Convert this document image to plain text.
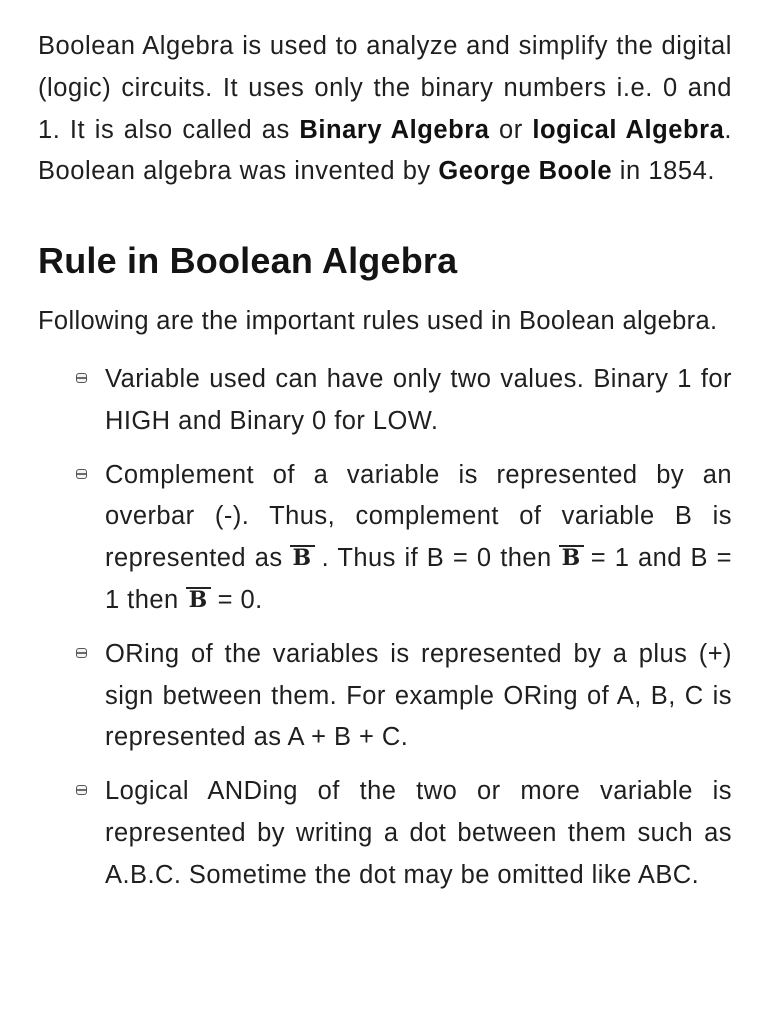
Boolean Algebra is used to analyze and simplify the digital (logic) circuits. It uses only the binary numbers i.e. 0 and 1. It is also called as Binary Algebra or logical Algebra. Boolean algebra was invented by George Boole in 1854.

Rule in Boolean Algebra

Following are the important rules used in Boolean algebra.

Variable used can have only two values. Binary 1 for HIGH and Binary 0 for LOW.
Complement of a variable is represented by an overbar (-). Thus, complement of variable B is represented as B . Thus if B = 0 then B = 1 and B = 1 then B = 0.
ORing of the variables is represented by a plus (+) sign between them. For example ORing of A, B, C is represented as A + B + C.
Logical ANDing of the two or more variable is represented by writing a dot between them such as A.B.C. Sometime the dot may be omitted like ABC.
